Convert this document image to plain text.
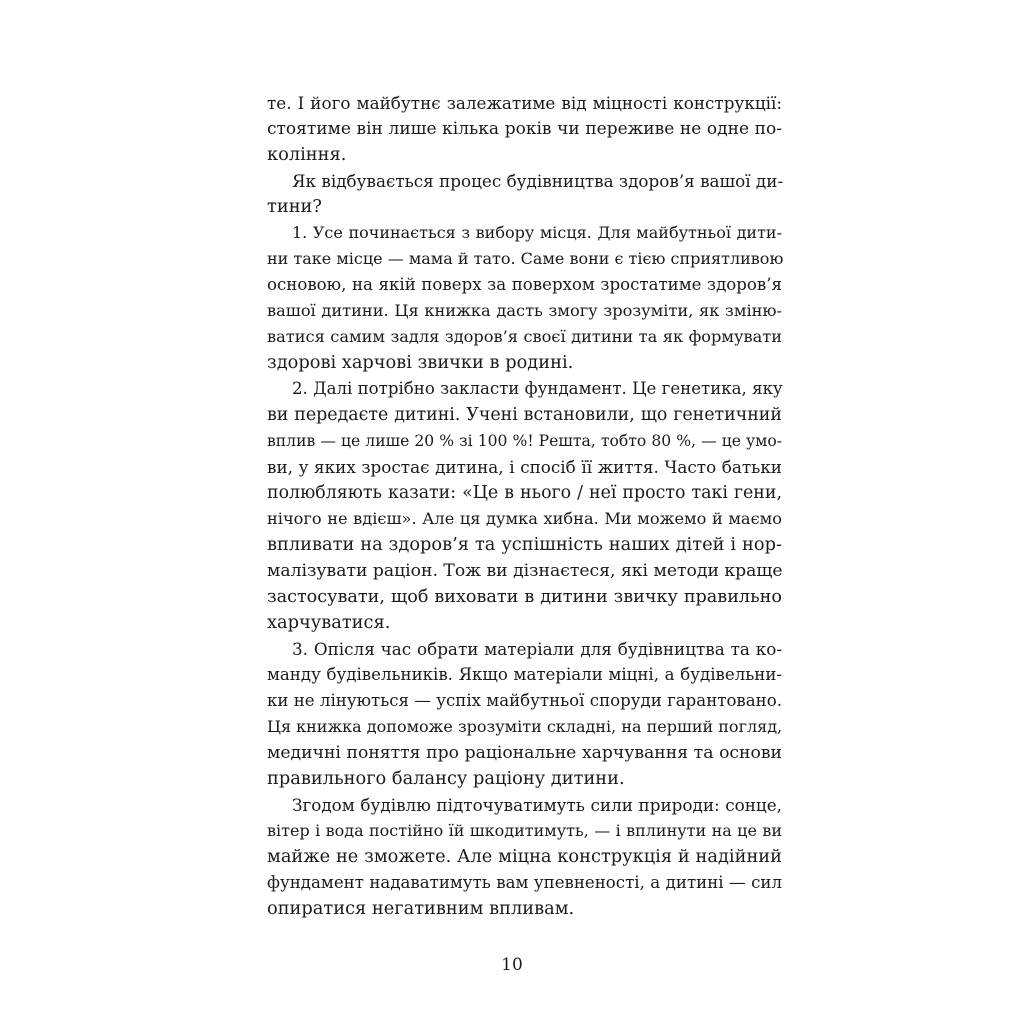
те. І його майбутнє залежатиме від міцності конструкції:
стоятиме він лише кілька років чи переживе не одне по-
коління.
Як відбувається процес будівництва здоров’я вашої ди-
тини?
1. Усе починається з вибору місця. Для майбутньої дити-
ни таке місце — мама й тато. Саме вони є тією сприятливою
основою, на якій поверх за поверхом зростатиме здоров’я
вашої дитини. Ця книжка дасть змогу зрозуміти, як зміню-
ватися самим задля здоров’я своєї дитини та як формувати
здорові харчові звички в родині.
2. Далі потрібно закласти фундамент. Це генетика, яку
ви передаєте дитині. Учені встановили, що генетичний
вплив — це лише 20 % зі 100 %! Решта, тобто 80 %, — це умо-
ви, у яких зростає дитина, і спосіб її життя. Часто батьки
полюбляють казати: «Це в нього / неї просто такі гени,
нічого не вдієш». Але ця думка хибна. Ми можемо й маємо
впливати на здоров’я та успішність наших дітей і нор-
малізувати раціон. Тож ви дізнаєтеся, які методи краще
застосувати, щоб виховати в дитини звичку правильно
харчуватися.
3. Опісля час обрати матеріали для будівництва та ко-
манду будівельників. Якщо матеріали міцні, а будівельни-
ки не лінуються — успіх майбутньої споруди гарантовано.
Ця книжка допоможе зрозуміти складні, на перший погляд,
медичні поняття про раціональне харчування та основи
правильного балансу раціону дитини.
Згодом будівлю підточуватимуть сили природи: сонце,
вітер і вода постійно їй шкодитимуть, — і вплинути на це ви
майже не зможете. Але міцна конструкція й надійний
фундамент надаватимуть вам упевненості, а дитині — сил
опиратися негативним впливам.
10
